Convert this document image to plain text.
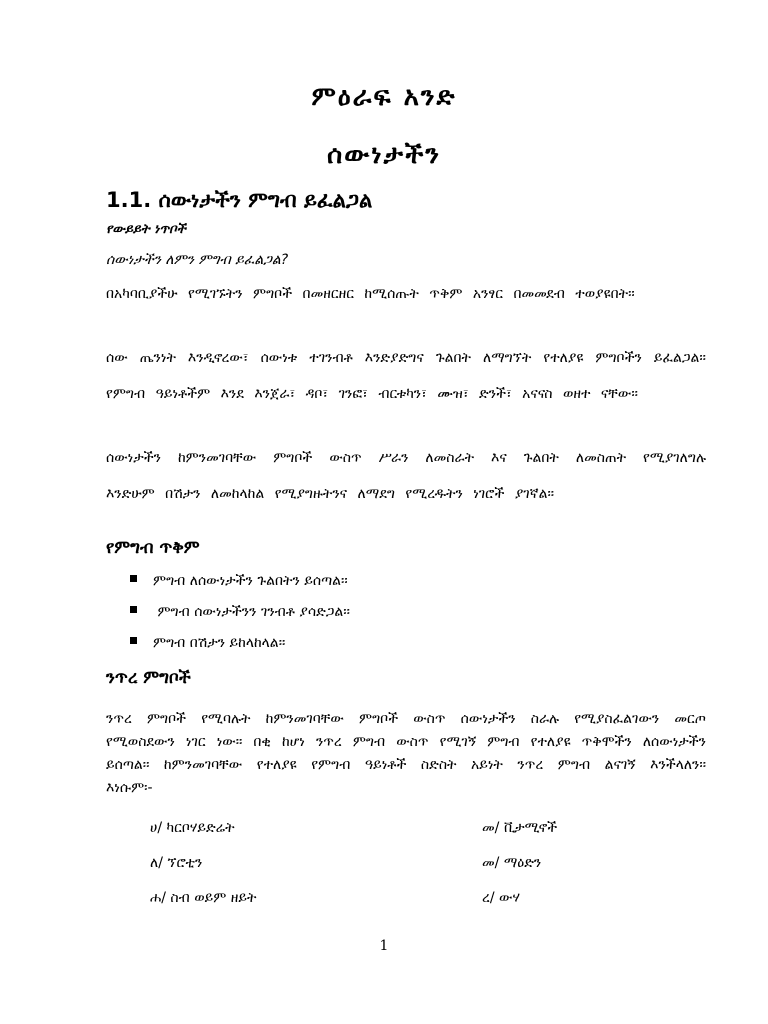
ምዕራፍ አንድ
ሰውነታችን
1.1. ሰውነታችን ምግብ ይፈልጋል
የውይይት ነጥቦች
ሰውነታችን ለምን ምግብ ይፈልጋል?

በአካባቢያችሁ የሚገኙትን ምግቦች በመዘርዘር ከሚሰጡት ጥቅም አንፃር በመመደብ ተወያዩበት፡፡

ሰው ጤንነት እንዲኖረው፣ ሰውነቱ ተገንብቶ እንድያድግና ጉልበት ለማግኘት የተለያዩ ምግቦችን ይፈልጋል፡፡ የምግብ ዓይነቶችም እንደ እንጀራ፣ ዳቦ፣ ገንፎ፣ ብርቱካን፣ ሙዝ፣ ድንች፣ አናናስ ወዘተ ናቸው፡፡

ሰውነታችን ከምንመገባቸው ምግቦች ውስጥ ሥራን ለመስራት እና ጉልበት ለመስጠት የሚያገለግሉ እንድሁም በሽታን ለመከላከል የሚያግዙትንና ለማደግ የሚረዱትን ነገሮች ያገኛል፡፡

የምግብ ጥቅም
ምግብ ለሰውነታችን ጉልበትን ይሰጣል፡፡
ምግብ ሰውነታችንን ገንብቶ ያሳድጋል፡፡
ምግብ በሽታን ይከላከላል፡፡
ንጥረ ምግቦች

ንጥረ ምግቦች የሚባሉት ከምንመገባቸው ምግቦች ውስጥ ሰውነታችን ስራሉ የሚያስፈልገውን መርጦ የሚወስደውን ነገር ነው፡፡ በቂ ከሆነ ንጥረ ምግብ ውስጥ የሚገኝ ምግብ የተለያዩ ጥቅሞችን ለሰውነታችን ይሰጣል፡፡ ከምንመገባቸው የተለያዩ የምግብ ዓይነቶች ስድስት አይነት ንጥረ ምግብ ልናገኝ እንችላለን፡፡ እነሱም፡-

ሀ/ ካርቦሃይድሬት	መ/ ቪታሚኖች
ለ/ ኘሮቲን	መ/ ማዕድን
ሐ/ ስብ ወይም ዘይት	ረ/ ውሃ
1
